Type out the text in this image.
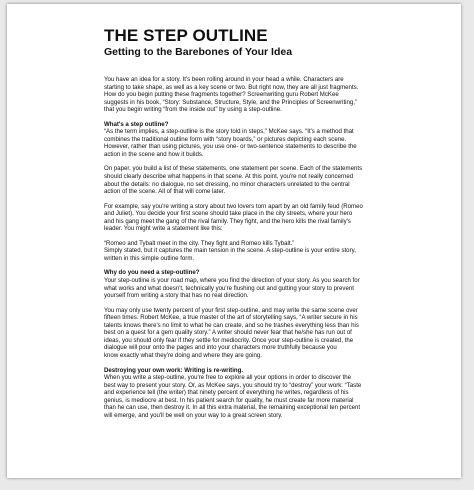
THE STEP OUTLINE
Getting to the Barebones of Your Idea

You have an idea for a story. It's been rolling around in your head a while. Characters are
starting to take shape, as well as a key scene or two. But right now, they are all just fragments.
How do you begin putting these fragments together? Screenwriting guru Robert McKee
suggests in his book, “Story: Substance, Structure, Style, and the Principles of Screenwriting,”
that you begin writing “from the inside out” by using a step-outline.

What's a step outline?

“As the term implies, a step-outline is the story told in steps,” McKee says. “It's a method that
combines the traditional outline form with “story boards,” or pictures depicting each scene.
However, rather than using pictures, you use one- or two-sentence statements to describe the
action in the scene and how it builds.

On paper, you build a list of these statements, one statement per scene. Each of the statements
should clearly describe what happens in that scene. At this point, you're not really concerned
about the details: no dialogue, no set dressing, no minor characters unrelated to the central
action of the scene. All of that will come later.

For example, say you're writing a story about two lovers torn apart by an old family feud (Romeo
and Juliet). You decide your first scene should take place in the city streets, where your hero
and his gang meet the gang of the rival family. They fight, and the hero kills the rival family's
leader. You might write a statement like this:

“Romeo and Tybalt meet in the city. They fight and Romeo kills Tybalt.”
Simply stated, but it captures the main tension in the scene. A step-outline is your entire story,
written in this simple outline form.

Why do you need a step-outline?

Your step-outline is your road map, where you find the direction of your story. As you search for
what works and what doesn't, technically you're flushing out and gutting your story to prevent
yourself from writing a story that has no real direction.

You may only use twenty percent of your first step-outline, and may write the same scene over
fifteen times. Robert McKee, a true master of the art of storytelling says, “A writer secure in his
talents knows there's no limit to what he can create, and so he trashes everything less than his
best on a quest for a gem quality story.” A writer should never fear that he/she has run out of
ideas, you should only fear if they settle for mediocrity. Once your step-outline is created, the
dialogue will pour onto the pages and into your characters more truthfully because you
know exactly what they're doing and where they are going.

Destroying your own work: Writing is re-writing.

When you write a step-outline, you're free to explore all your options in order to discover the
best way to present your story. Or, as McKee says, you should try to “destroy” your work: “Taste
and experience tell (the writer) that ninety percent of everything he writes, regardless of his
genius, is mediocre at best. In his patient search for quality, he must create far more material
than he can use, then destroy it. In all this extra material, the remaining exceptional ten percent
will emerge, and you'll be well on your way to a great screen story.
